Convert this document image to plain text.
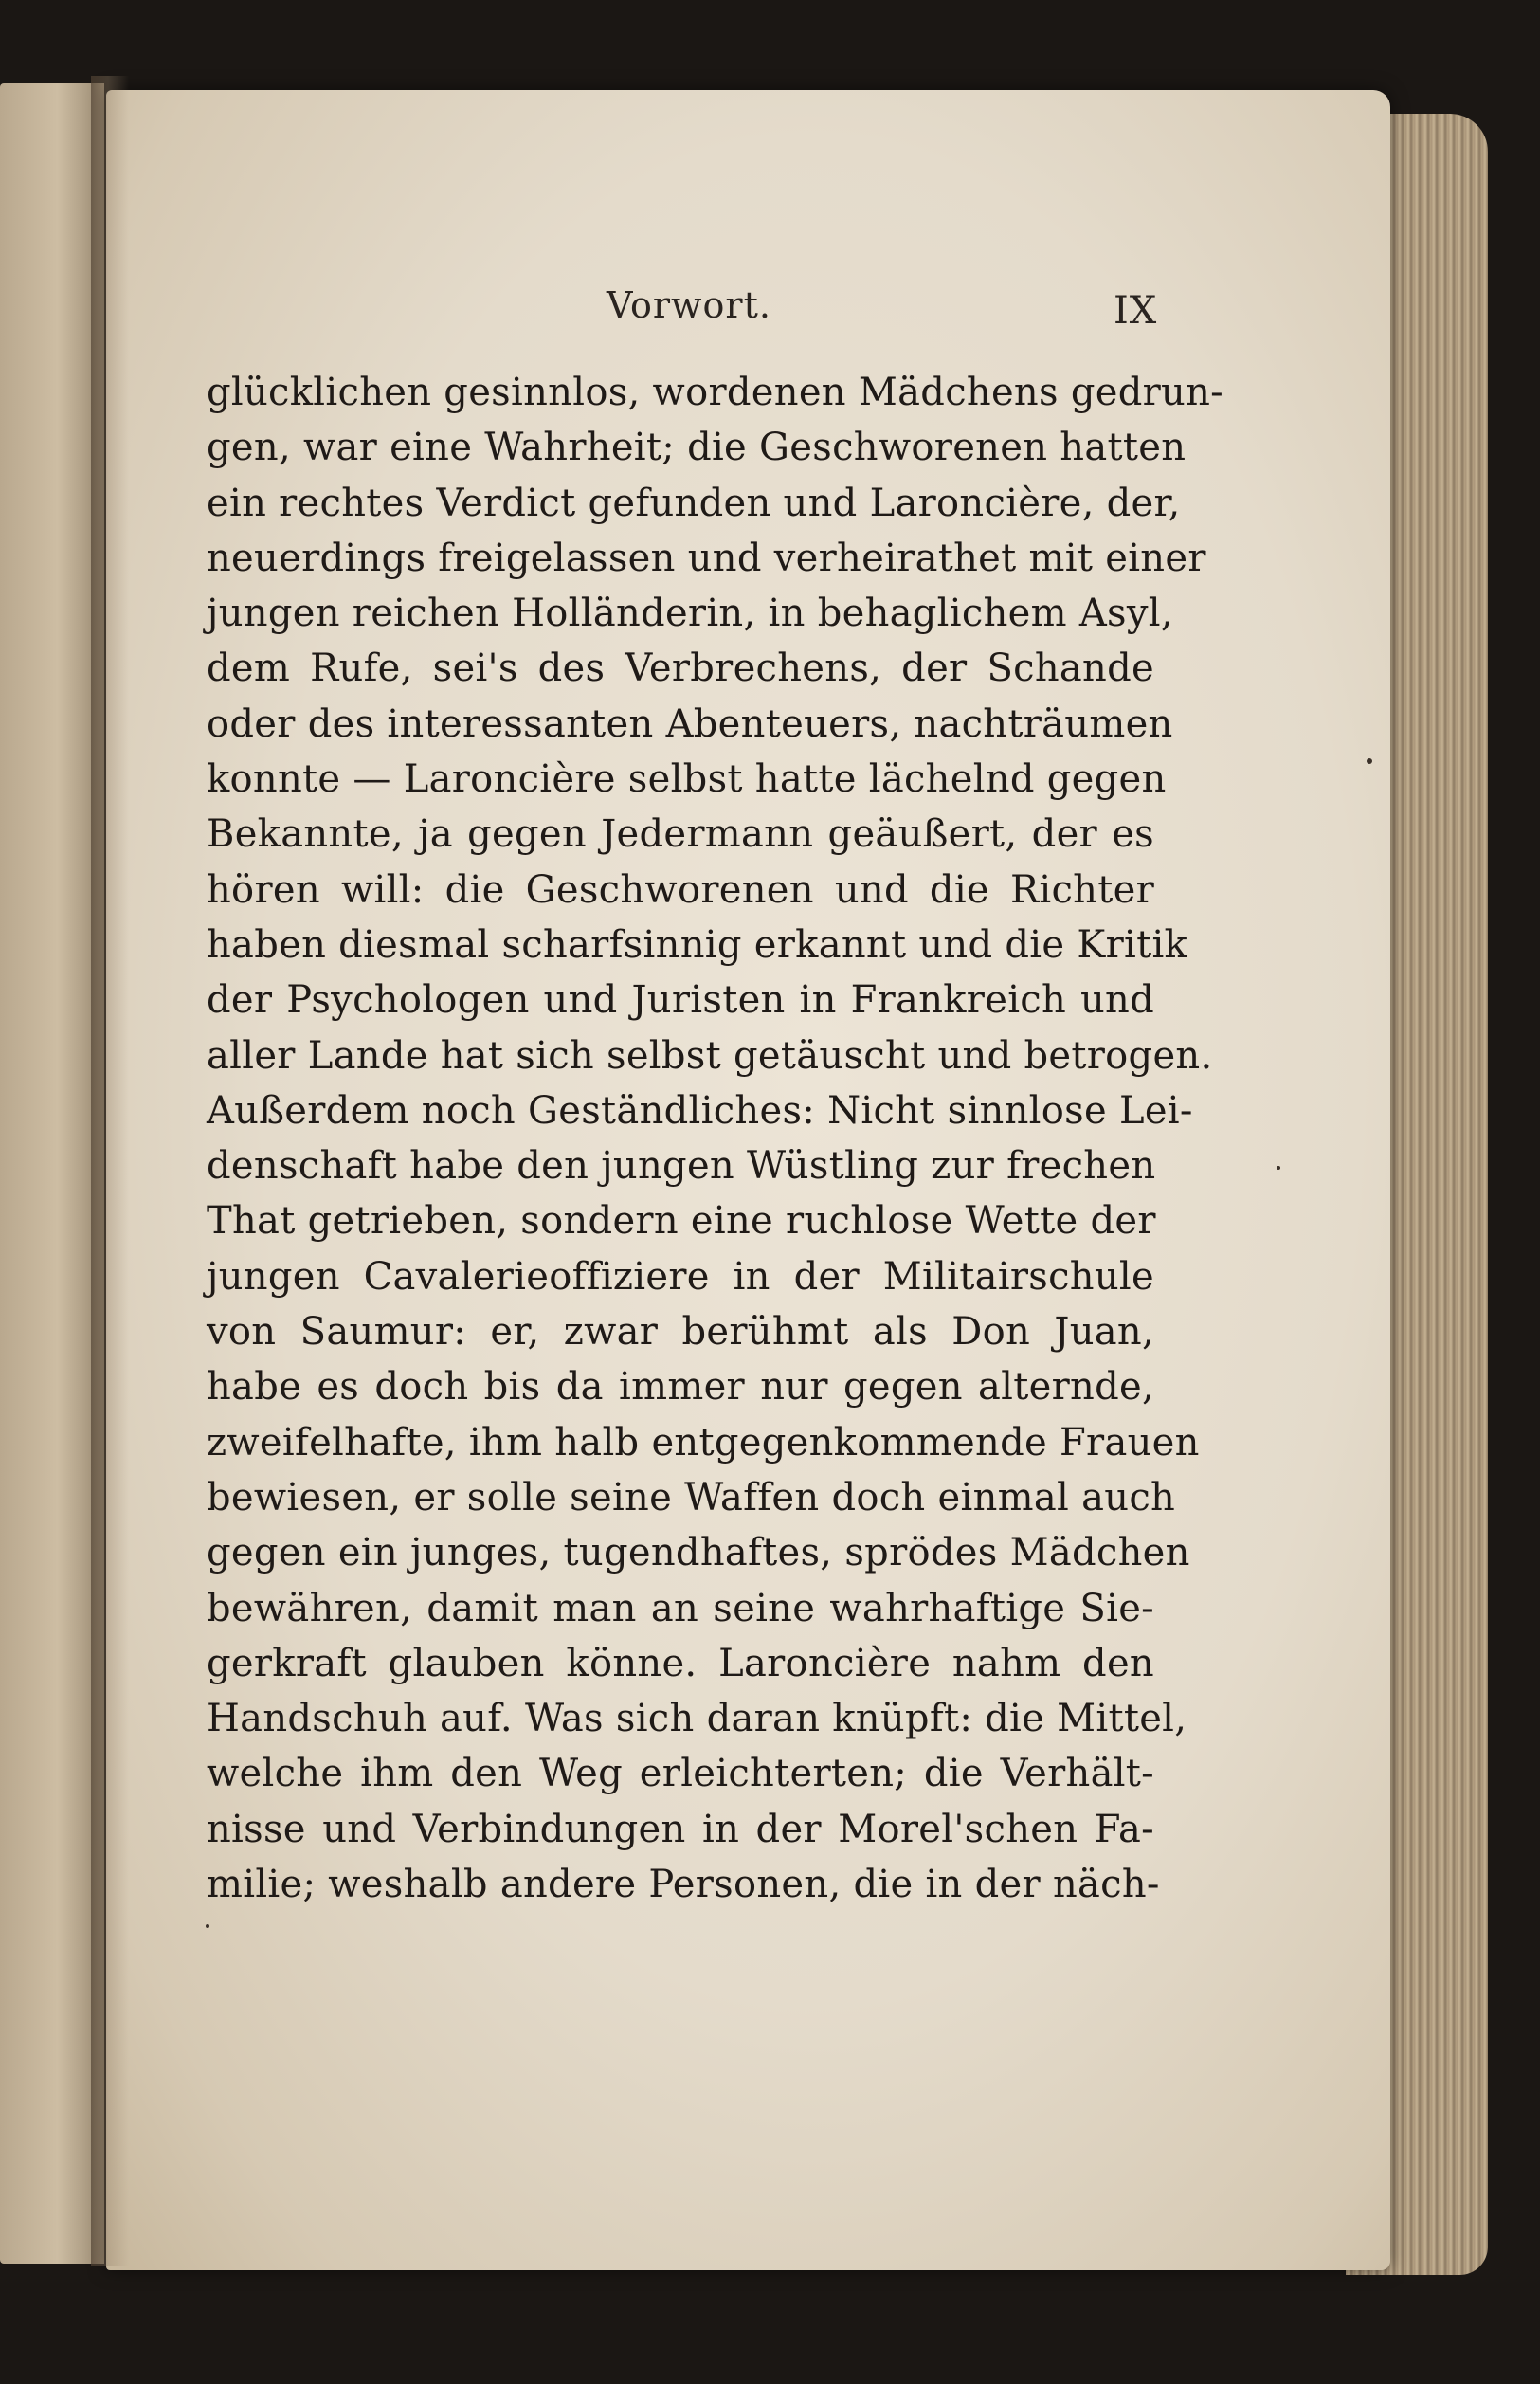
Vorwort.	IX
glücklichen gesinnlos, wordenen Mädchens gedrun-
gen, war eine Wahrheit; die Geschworenen hatten
ein rechtes Verdict gefunden und Laroncière, der,
neuerdings freigelassen und verheirathet mit einer
jungen reichen Holländerin, in behaglichem Asyl,
dem Rufe, sei's des Verbrechens, der Schande
oder des interessanten Abenteuers, nachträumen
konnte — Laroncière selbst hatte lächelnd gegen
Bekannte, ja gegen Jedermann geäußert, der es
hören will: die Geschworenen und die Richter
haben diesmal scharfsinnig erkannt und die Kritik
der Psychologen und Juristen in Frankreich und
aller Lande hat sich selbst getäuscht und betrogen.
Außerdem noch Geständliches: Nicht sinnlose Lei-
denschaft habe den jungen Wüstling zur frechen
That getrieben, sondern eine ruchlose Wette der
jungen Cavalerieoffiziere in der Militairschule
von Saumur: er, zwar berühmt als Don Juan,
habe es doch bis da immer nur gegen alternde,
zweifelhafte, ihm halb entgegenkommende Frauen
bewiesen, er solle seine Waffen doch einmal auch
gegen ein junges, tugendhaftes, sprödes Mädchen
bewähren, damit man an seine wahrhaftige Sie-
gerkraft glauben könne. Laroncière nahm den
Handschuh auf. Was sich daran knüpft: die Mittel,
welche ihm den Weg erleichterten; die Verhält-
nisse und Verbindungen in der Morel'schen Fa-
milie; weshalb andere Personen, die in der näch-
